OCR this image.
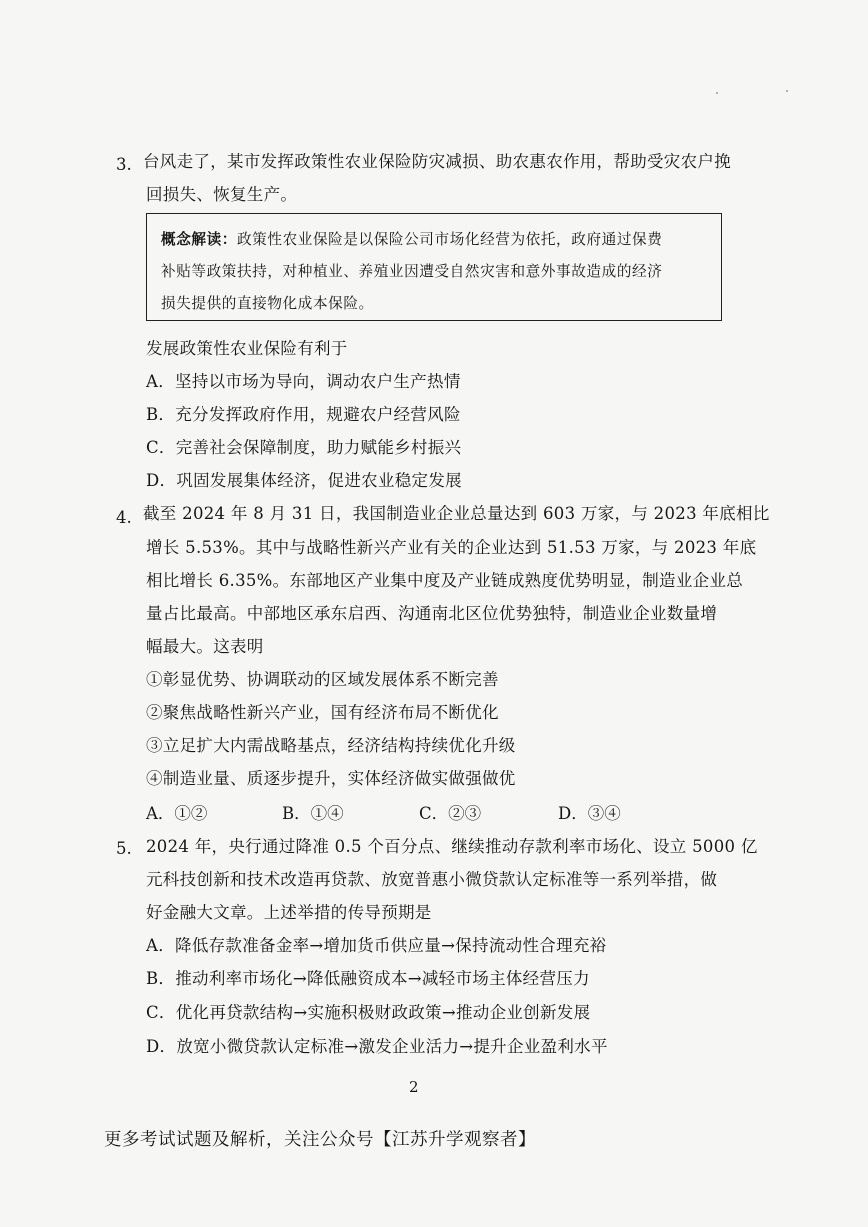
3. 台风走了，某市发挥政策性农业保险防灾减损、助农惠农作用，帮助受灾农户挽
回损失、恢复生产。
概念解读：政策性农业保险是以保险公司市场化经营为依托，政府通过保费
补贴等政策扶持，对种植业、养殖业因遭受自然灾害和意外事故造成的经济
损失提供的直接物化成本保险。
发展政策性农业保险有利于
A．坚持以市场为导向，调动农户生产热情
B．充分发挥政府作用，规避农户经营风险
C．完善社会保障制度，助力赋能乡村振兴
D．巩固发展集体经济，促进农业稳定发展
4. 截至 2024 年 8 月 31 日，我国制造业企业总量达到 603 万家，与 2023 年底相比
增长 5.53%。其中与战略性新兴产业有关的企业达到 51.53 万家，与 2023 年底
相比增长 6.35%。东部地区产业集中度及产业链成熟度优势明显，制造业企业总
量占比最高。中部地区承东启西、沟通南北区位优势独特，制造业企业数量增
幅最大。这表明
①彰显优势、协调联动的区域发展体系不断完善
②聚焦战略性新兴产业，国有经济布局不断优化
③立足扩大内需战略基点，经济结构持续优化升级
④制造业量、质逐步提升，实体经济做实做强做优
A．①②	B．①④	C．②③	D．③④
5. 2024 年，央行通过降准 0.5 个百分点、继续推动存款利率市场化、设立 5000 亿
元科技创新和技术改造再贷款、放宽普惠小微贷款认定标准等一系列举措，做
好金融大文章。上述举措的传导预期是
A．降低存款准备金率→增加货币供应量→保持流动性合理充裕
B．推动利率市场化→降低融资成本→减轻市场主体经营压力
C．优化再贷款结构→实施积极财政政策→推动企业创新发展
D．放宽小微贷款认定标准→激发企业活力→提升企业盈利水平
2
更多考试试题及解析，关注公众号【江苏升学观察者】
